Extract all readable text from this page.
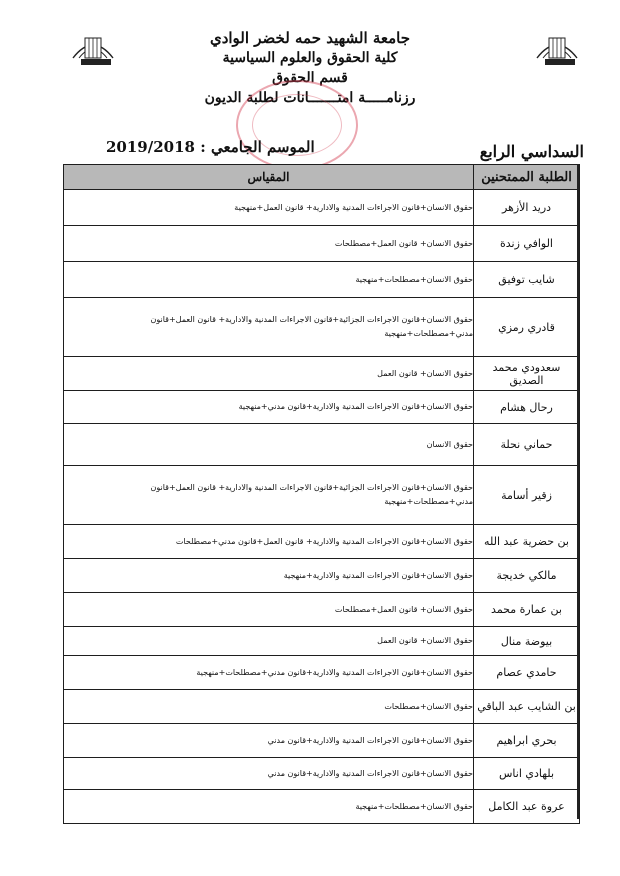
جامعة الشهيد حمه لخضر الوادي
كلية الحقوق والعلوم السياسية
قسم الحقوق
رزنامـــــة امتـــــــانات لطلبة الديون
السداسي الرابع
الموسم الجامعي : 2019/2018
الطلبة الممتحنين	المقياس
دريد الأزهر	حقوق الانسان+قانون الاجراءات المدنية والادارية+ قانون العمل+منهجية
الوافي زندة	حقوق الانسان+ قانون العمل+مصطلحات
شايب توفيق	حقوق الانسان+مصطلحات+منهجية
قادري رمزي	حقوق الانسان+قانون الاجراءات الجزائية+قانون الاجراءات المدنية والادارية+ قانون العمل+قانون مدني+مصطلحات+منهجية
سعدودي محمد الصديق	حقوق الانسان+ قانون العمل
رحال هشام	حقوق الانسان+قانون الاجراءات المدنية والادارية+قانون مدني+منهجية
حماني نحلة	حقوق الانسان
زقير أسامة	حقوق الانسان+قانون الاجراءات الجزائية+قانون الاجراءات المدنية والادارية+ قانون العمل+قانون مدني+مصطلحات+منهجية
بن حضرية عبد الله	حقوق الانسان+قانون الاجراءات المدنية والادارية+ قانون العمل+قانون مدني+مصطلحات
مالكي خديجة	حقوق الانسان+قانون الاجراءات المدنية والادارية+منهجية
بن عمارة محمد	حقوق الانسان+ قانون العمل+مصطلحات
بيوضة منال	حقوق الانسان+ قانون العمل
حامدي عصام	حقوق الانسان+قانون الاجراءات المدنية والادارية+قانون مدني+مصطلحات+منهجية
بن الشايب عبد الباقي	حقوق الانسان+مصطلحات
بحري ابراهيم	حقوق الانسان+قانون الاجراءات المدنية والادارية+قانون مدني
بلهادي اناس	حقوق الانسان+قانون الاجراءات المدنية والادارية+قانون مدني
عروة عبد الكامل	حقوق الانسان+مصطلحات+منهجية
